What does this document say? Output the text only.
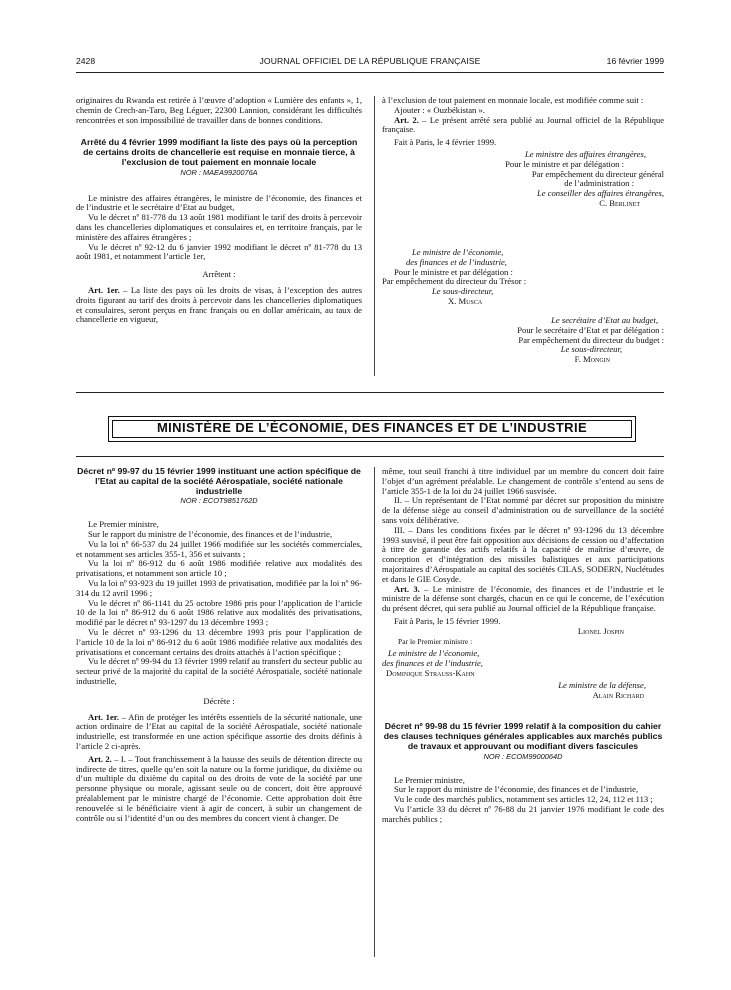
2428	JOURNAL OFFICIEL DE LA RÉPUBLIQUE FRANÇAISE	16 février 1999

originaires du Rwanda est retirée à l’œuvre d’adoption « Lumière des enfants », 1, chemin de Crech-an-Taro, Beg Léguer, 22300 Lannion, considérant les difficultés rencontrées et son impossibilité de travailler dans de bonnes conditions.

Arrêté du 4 février 1999 modifiant la liste des pays où la perception de certains droits de chancellerie est requise en monnaie tierce, à l’exclusion de tout paiement en monnaie locale

NOR : MAEA9920076A

Le ministre des affaires étrangères, le ministre de l’économie, des finances et de l’industrie et le secrétaire d’Etat au budget,

Vu le décret nº 81-778 du 13 août 1981 modifiant le tarif des droits à percevoir dans les chancelleries diplomatiques et consulaires et, en territoire français, par le ministère des affaires étrangères ;

Vu le décret nº 92-12 du 6 janvier 1992 modifiant le décret nº 81-778 du 13 août 1981, et notamment l’article 1er,

Arrêtent :

Art. 1er. – La liste des pays où les droits de visas, à l’exception des autres droits figurant au tarif des droits à percevoir dans les chancelleries diplomatiques et consulaires, seront perçus en franc français ou en dollar américain, au taux de chancellerie en vigueur,

à l’exclusion de tout paiement en monnaie locale, est modifiée comme suit :

Ajouter : « Ouzbékistan ».

Art. 2. – Le présent arrêté sera publié au Journal officiel de la République française.

Fait à Paris, le 4 février 1999.

Le ministre des affaires étrangères,

Pour le ministre et par délégation :

Par empêchement du directeur général

de l’administration :

Le conseiller des affaires étrangères,

C. Berlinet

Le ministre de l’économie,

des finances et de l’industrie,

Pour le ministre et par délégation :

Par empêchement du directeur du Trésor :

Le sous-directeur,

X. Musca

Le secrétaire d’Etat au budget,

Pour le secrétaire d’Etat et par délégation :

Par empêchement du directeur du budget :

Le sous-directeur,

F. Mongin

MINISTÈRE DE L’ÉCONOMIE, DES FINANCES ET DE L’INDUSTRIE

Décret nº 99-97 du 15 février 1999 instituant une action spécifique de l’Etat au capital de la société Aérospatiale, société nationale industrielle

NOR : ECOT9851762D

Le Premier ministre,

Sur le rapport du ministre de l’économie, des finances et de l’industrie,

Vu la loi nº 66-537 du 24 juillet 1966 modifiée sur les sociétés commerciales, et notamment ses articles 355-1, 356 et suivants ;

Vu la loi nº 86-912 du 6 août 1986 modifiée relative aux modalités des privatisations, et notamment son article 10 ;

Vu la loi nº 93-923 du 19 juillet 1993 de privatisation, modifiée par la loi nº 96-314 du 12 avril 1996 ;

Vu le décret nº 86-1141 du 25 octobre 1986 pris pour l’application de l’article 10 de la loi nº 86-912 du 6 août 1986 relative aux modalités des privatisations, modifié par le décret nº 93-1297 du 13 décembre 1993 ;

Vu le décret nº 93-1296 du 13 décembre 1993 pris pour l’application de l’article 10 de la loi nº 86-912 du 6 août 1986 modifiée relative aux modalités des privatisations et concernant certains des droits attachés à l’action spécifique ;

Vu le décret nº 99-94 du 13 février 1999 relatif au transfert du secteur public au secteur privé de la majorité du capital de la société Aérospatiale, société nationale industrielle,

Décrète :

Art. 1er. – Afin de protéger les intérêts essentiels de la sécurité nationale, une action ordinaire de l’Etat au capital de la société Aérospatiale, société nationale industrielle, est transformée en une action spécifique assortie des droits définis à l’article 2 ci-après.

Art. 2. – I. – Tout franchissement à la hausse des seuils de détention directe ou indirecte de titres, quelle qu’en soit la nature ou la forme juridique, du dixième ou d’un multiple du dixième du capital ou des droits de vote de la société par une personne physique ou morale, agissant seule ou de concert, doit être approuvé préalablement par le ministre chargé de l’économie. Cette approbation doit être renouvelée si le bénéficiaire vient à agir de concert, à subir un changement de contrôle ou si l’identité d’un ou des membres du concert vient à changer. De

même, tout seuil franchi à titre individuel par un membre du concert doit faire l’objet d’un agrément préalable. Le changement de contrôle s’entend au sens de l’article 355-1 de la loi du 24 juillet 1966 susvisée.

II. – Un représentant de l’Etat nommé par décret sur proposition du ministre de la défense siège au conseil d’administration ou de surveillance de la société sans voix délibérative.

III. – Dans les conditions fixées par le décret nº 93-1296 du 13 décembre 1993 susvisé, il peut être fait opposition aux décisions de cession ou d’affectation à titre de garantie des actifs relatifs à la capacité de maîtrise d’œuvre, de conception et d’intégration des missiles balistiques et aux participations majoritaires d’Aérospatiale au capital des sociétés CILAS, SODERN, Nuclétudes et dans le GIE Cosyde.

Art. 3. – Le ministre de l’économie, des finances et de l’industrie et le ministre de la défense sont chargés, chacun en ce qui le concerne, de l’exécution du présent décret, qui sera publié au Journal officiel de la République française.

Fait à Paris, le 15 février 1999.

Lionel Jospin

Par le Premier ministre :

Le ministre de l’économie,

des finances et de l’industrie,

Dominique Strauss-Kahn

Le ministre de la défense,

Alain Richard

Décret nº 99-98 du 15 février 1999 relatif à la composition du cahier des clauses techniques générales applicables aux marchés publics de travaux et approuvant ou modifiant divers fascicules

NOR : ECOM9900064D

Le Premier ministre,

Sur le rapport du ministre de l’économie, des finances et de l’industrie,

Vu le code des marchés publics, notamment ses articles 12, 24, 112 et 113 ;

Vu l’article 33 du décret nº 76-88 du 21 janvier 1976 modifiant le code des marchés publics ;
